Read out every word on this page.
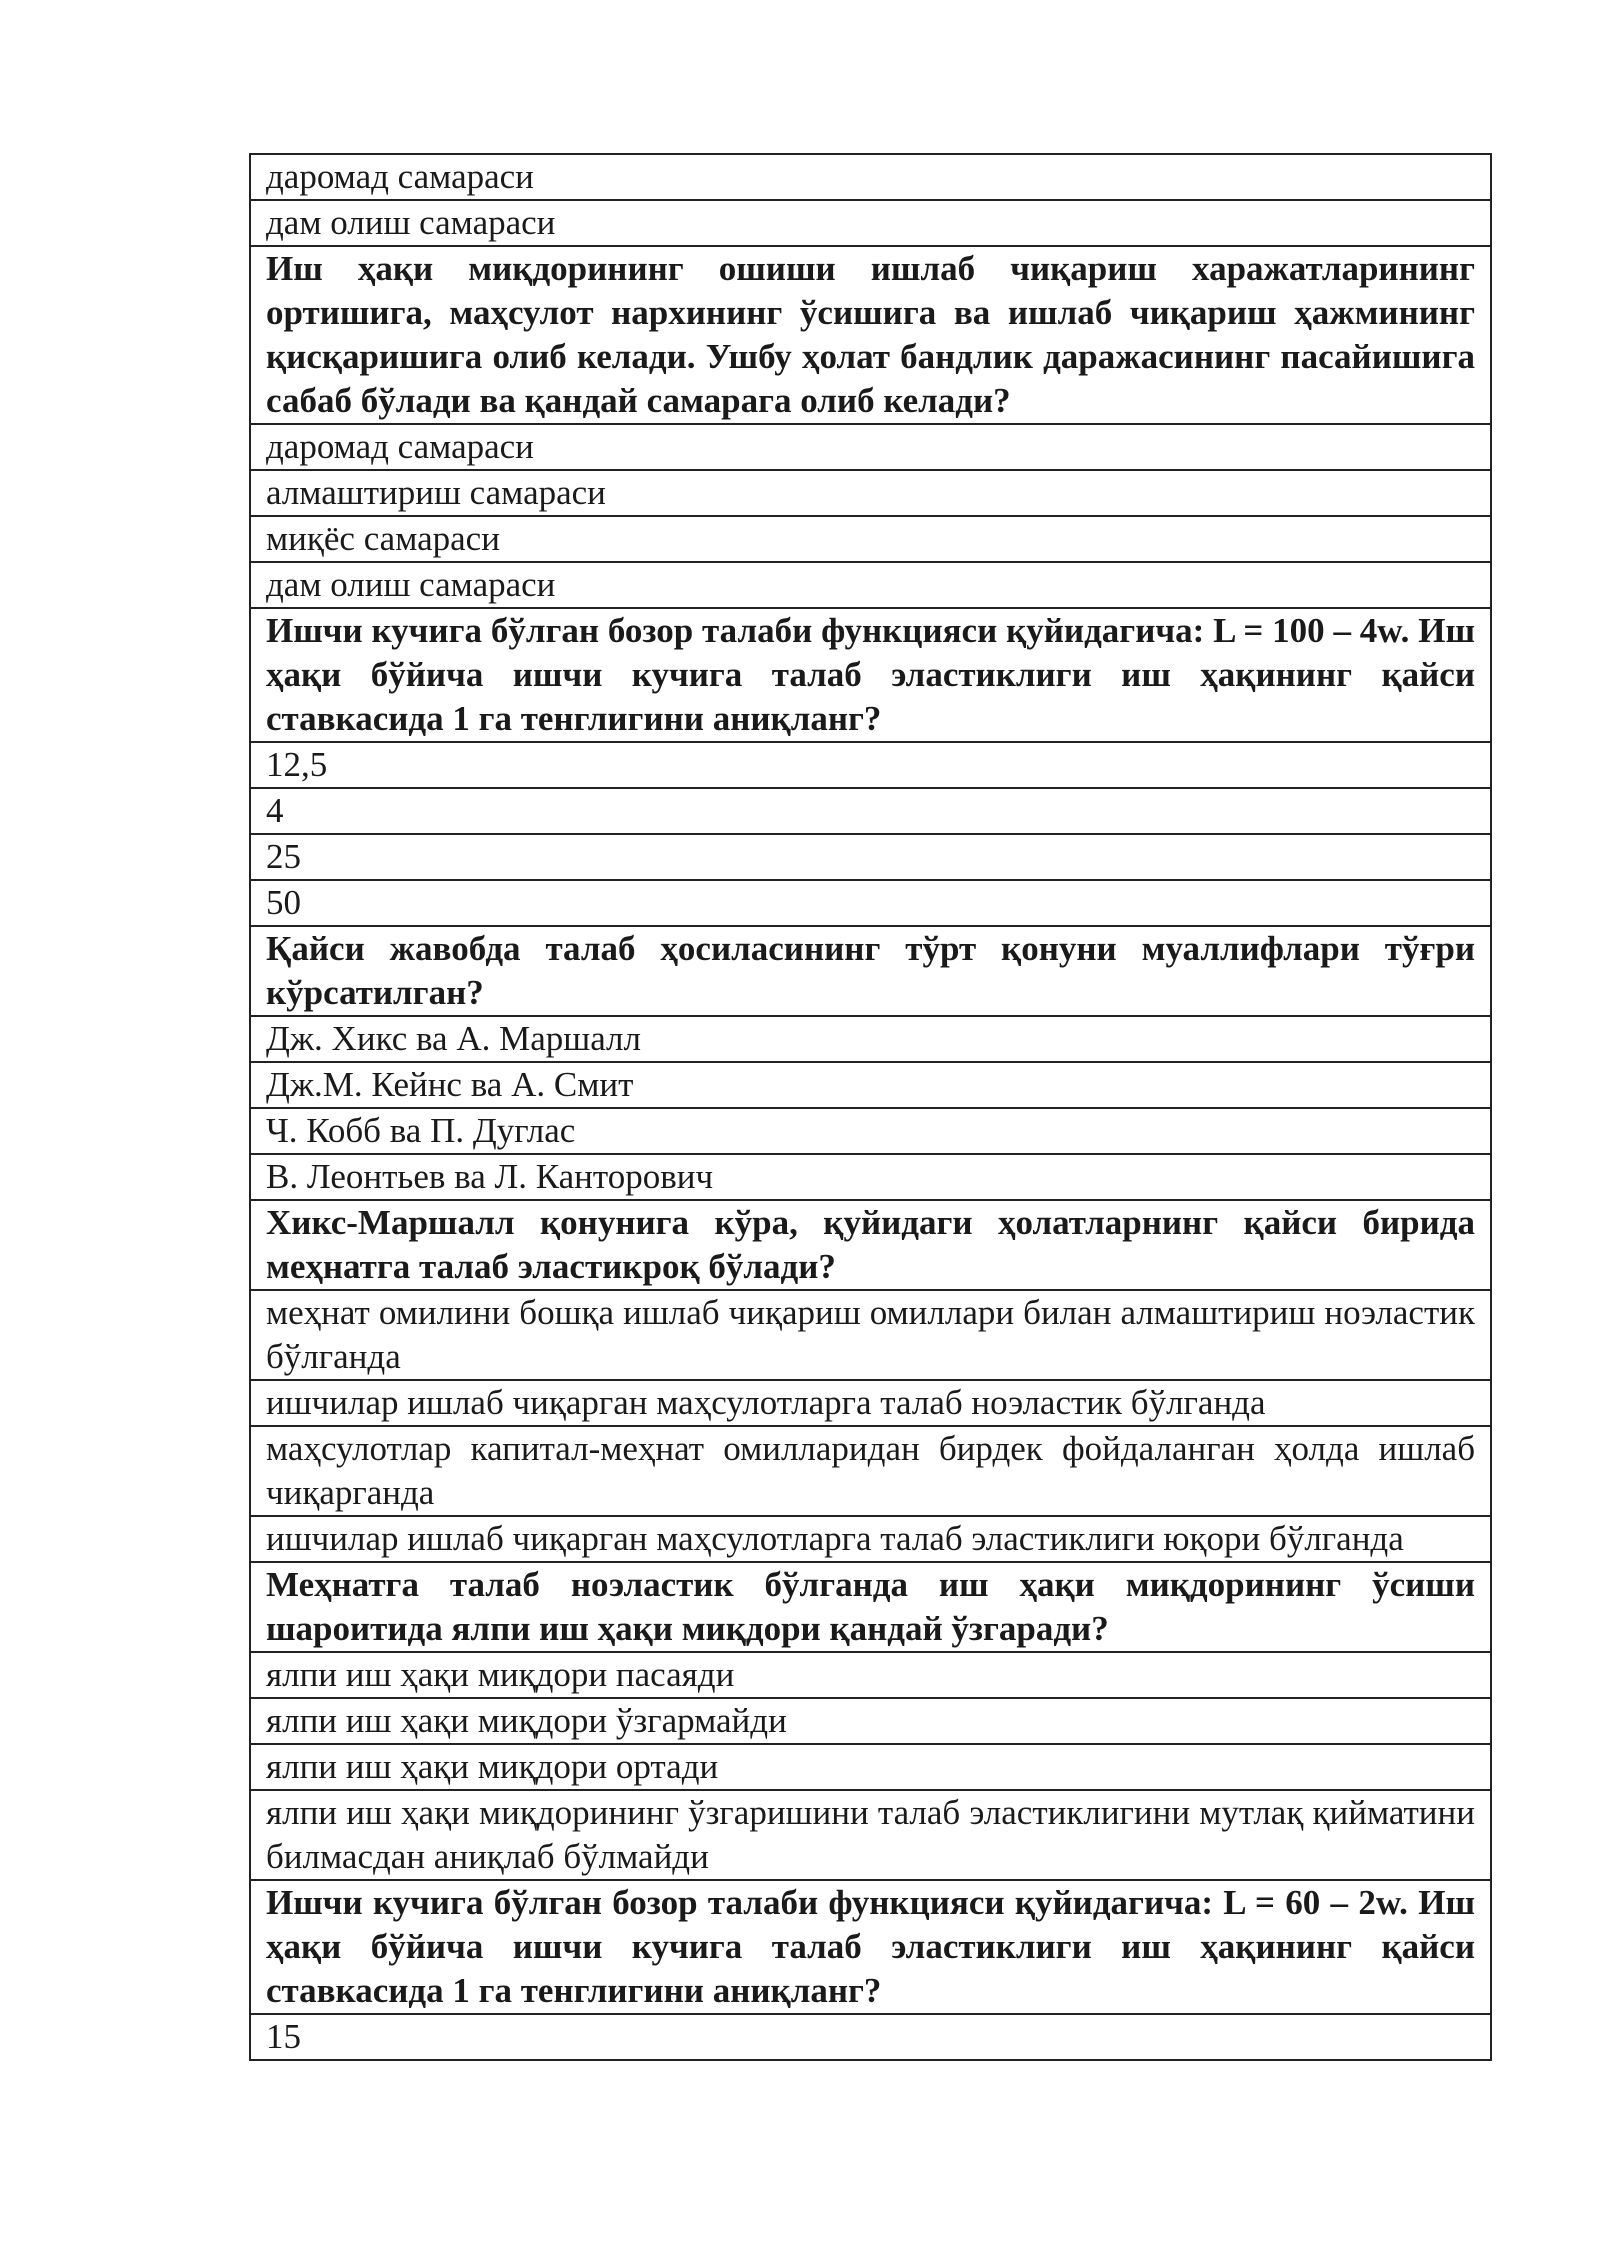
даромад самараси
дам олиш самараси
Иш ҳақи миқдорининг ошиши ишлаб чиқариш харажатларининг ортишига, маҳсулот нархининг ўсишига ва ишлаб чиқариш ҳажмининг қисқаришига олиб келади. Ушбу ҳолат бандлик даражасининг пасайишига сабаб бўлади ва қандай самарага олиб келади?
даромад самараси
алмаштириш самараси
миқёс самараси
дам олиш самараси
Ишчи кучига бўлган бозор талаби функцияси қуйидагича: L = 100 – 4w. Иш ҳақи бўйича ишчи кучига талаб эластиклиги иш ҳақининг қайси ставкасида 1 га тенглигини аниқланг?
12,5
4
25
50
Қайси жавобда талаб ҳосиласининг тўрт қонуни муаллифлари тўғри кўрсатилган?
Дж. Хикс ва А. Маршалл
Дж.М. Кейнс ва А. Смит
Ч. Кобб ва П. Дуглас
В. Леонтьев ва Л. Канторович
Хикс-Маршалл қонунига кўра, қуйидаги ҳолатларнинг қайси бирида меҳнатга талаб эластикроқ бўлади?
меҳнат омилини бошқа ишлаб чиқариш омиллари билан алмаштириш ноэластик бўлганда
ишчилар ишлаб чиқарган маҳсулотларга талаб ноэластик бўлганда
маҳсулотлар капитал-меҳнат омилларидан бирдек фойдаланган ҳолда ишлаб чиқарганда
ишчилар ишлаб чиқарган маҳсулотларга талаб эластиклиги юқори бўлганда
Меҳнатга талаб ноэластик бўлганда иш ҳақи миқдорининг ўсиши шароитида ялпи иш ҳақи миқдори қандай ўзгаради?
ялпи иш ҳақи миқдори пасаяди
ялпи иш ҳақи миқдори ўзгармайди
ялпи иш ҳақи миқдори ортади
ялпи иш ҳақи миқдорининг ўзгаришини талаб эластиклигини мутлақ қийматини билмасдан аниқлаб бўлмайди
Ишчи кучига бўлган бозор талаби функцияси қуйидагича: L = 60 – 2w. Иш ҳақи бўйича ишчи кучига талаб эластиклиги иш ҳақининг қайси ставкасида 1 га тенглигини аниқланг?
15
